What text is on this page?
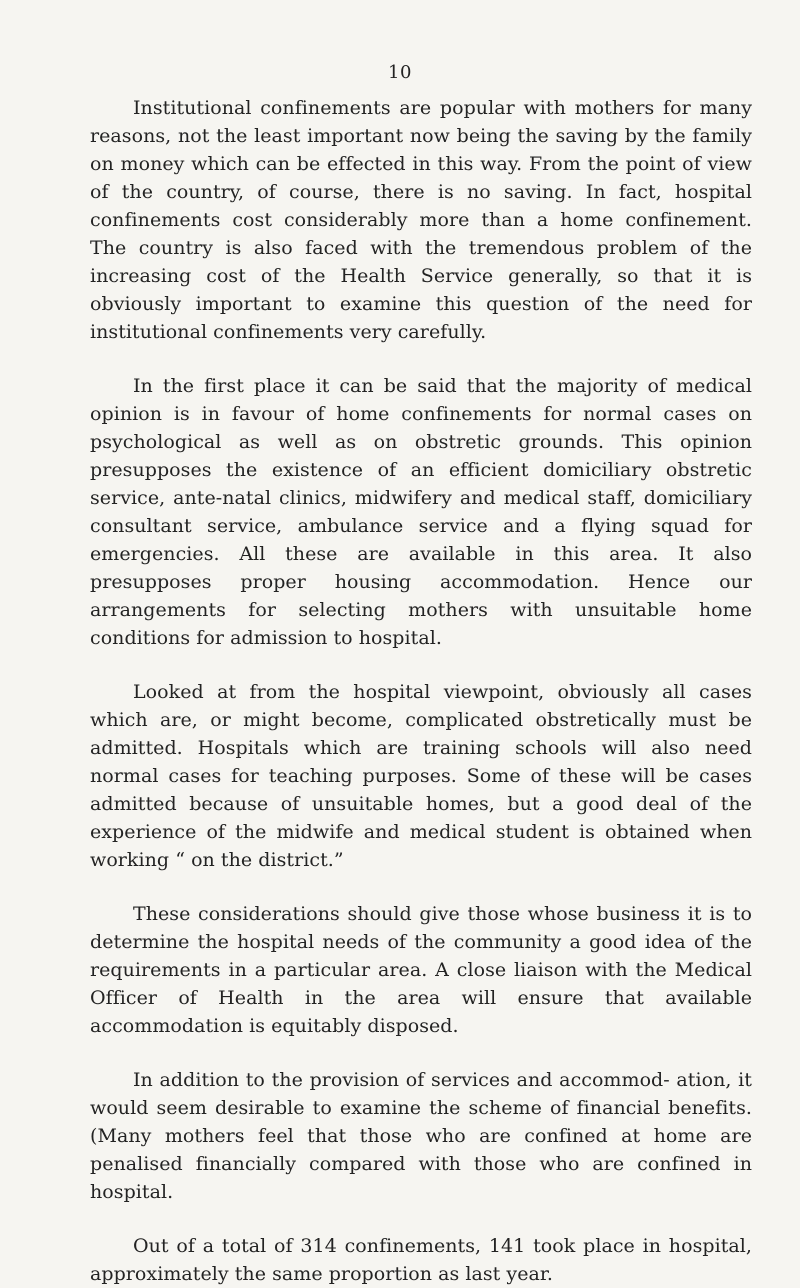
10

Institutional confinements are popular with mothers for many reasons, not the least important now being the saving by the family on money which can be effected in this way. From the point of view of the country, of course, there is no saving. In fact, hospital confinements cost considerably more than a home confinement. The country is also faced with the tremendous problem of the increasing cost of the Health Service generally, so that it is obviously important to examine this question of the need for institutional confinements very carefully.

In the first place it can be said that the majority of medical opinion is in favour of home confinements for normal cases on psychological as well as on obstretic grounds. This opinion presupposes the existence of an efficient domiciliary obstretic service, ante-natal clinics, midwifery and medical staff, domiciliary consultant service, ambulance service and a flying squad for emergencies. All these are available in this area. It also presupposes proper housing accommodation. Hence our arrangements for selecting mothers with unsuitable home conditions for admission to hospital.

Looked at from the hospital viewpoint, obviously all cases which are, or might become, complicated obstretically must be admitted. Hospitals which are training schools will also need normal cases for teaching purposes. Some of these will be cases admitted because of unsuitable homes, but a good deal of the experience of the midwife and medical student is obtained when working “ on the district.”

These considerations should give those whose business it is to determine the hospital needs of the community a good idea of the requirements in a particular area. A close liaison with the Medical Officer of Health in the area will ensure that available accommodation is equitably disposed.

In addition to the provision of services and accommod- ation, it would seem desirable to examine the scheme of financial benefits. (Many mothers feel that those who are confined at home are penalised financially compared with those who are confined in hospital.

Out of a total of 314 confinements, 141 took place in hospital, approximately the same proportion as last year.
